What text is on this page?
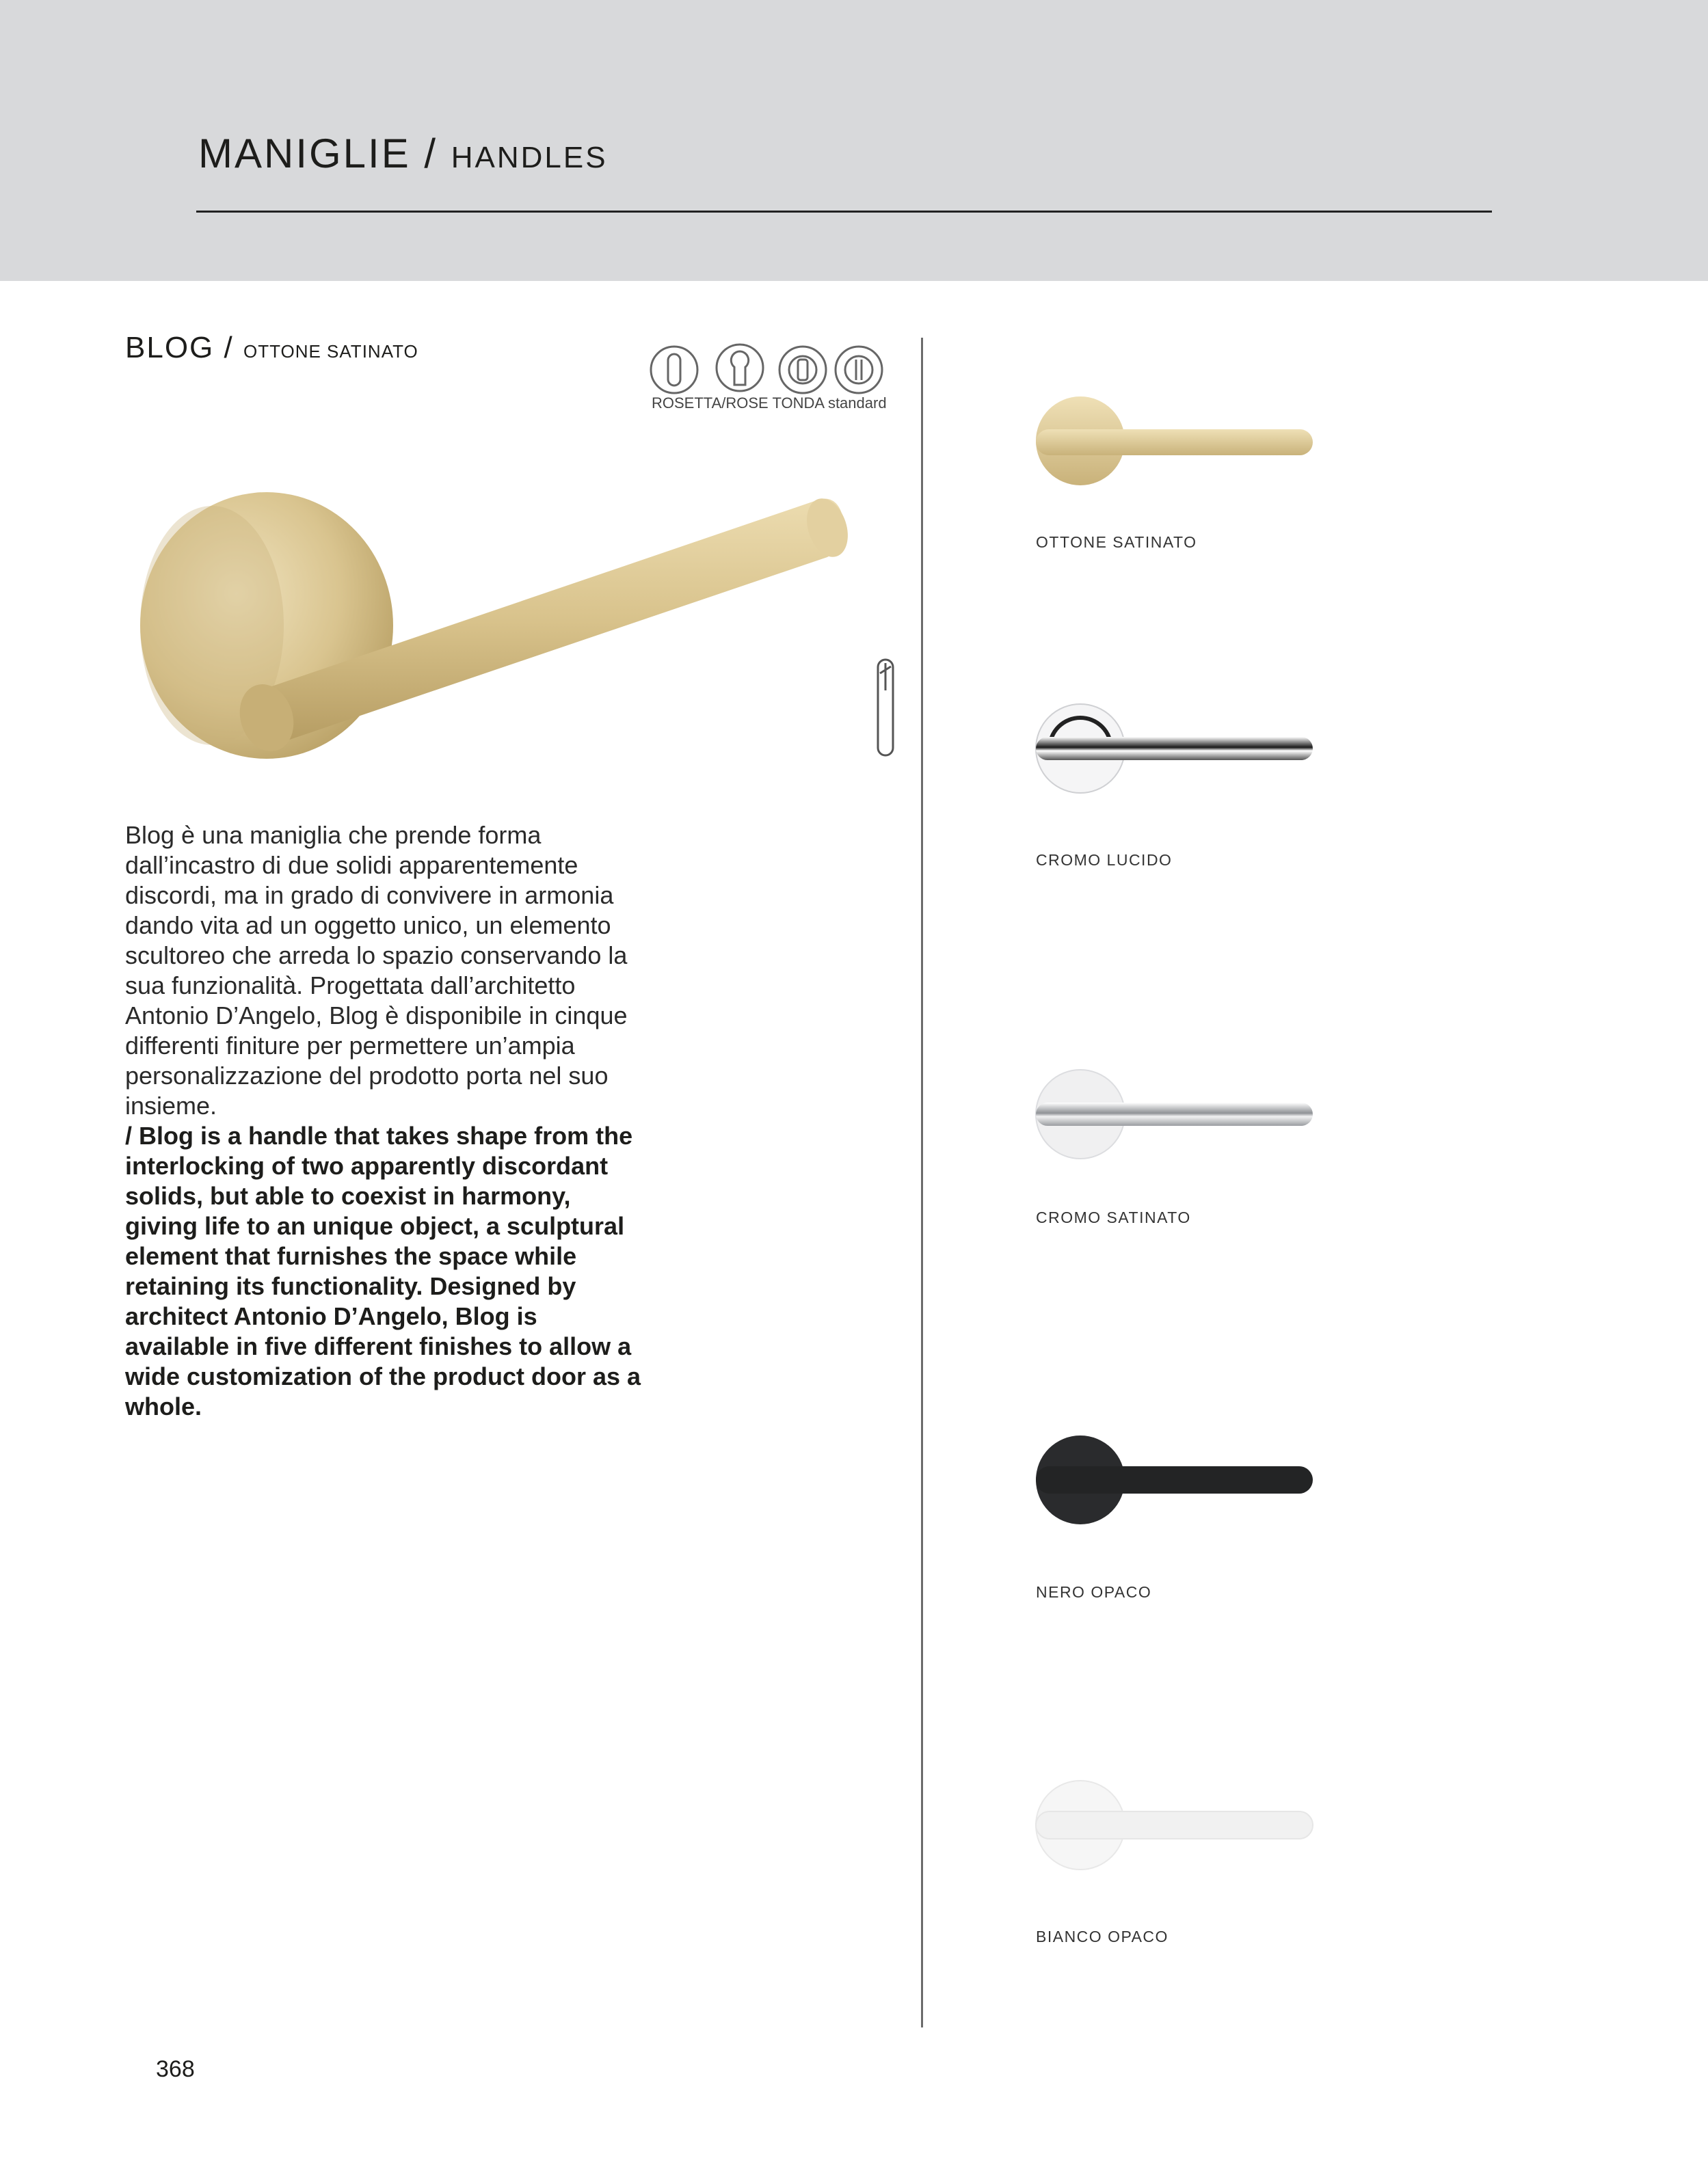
MANIGLIE / HANDLES
BLOG / OTTONE SATINATO
ROSETTA/ROSE TONDA standard

Blog è una maniglia che prende forma dall’incastro di due solidi apparentemente discordi, ma in grado di convivere in armonia dando vita ad un oggetto unico, un elemento scultoreo che arreda lo spazio conservando la sua funzionalità. Progettata dall’architetto Antonio D’Angelo, Blog è disponibile in cinque differenti finiture per permettere un’ampia personalizzazione del prodotto porta nel suo insieme.

/ Blog is a handle that takes shape from the interlocking of two apparently discordant solids, but able to coexist in harmony, giving life to an unique object, a sculptural element that furnishes the space while retaining its functionality. Designed by architect Antonio D’Angelo, Blog is available in five different finishes to allow a wide customization of the product door as a whole.

OTTONE SATINATO
CROMO LUCIDO
CROMO SATINATO
NERO OPACO
BIANCO OPACO
368
